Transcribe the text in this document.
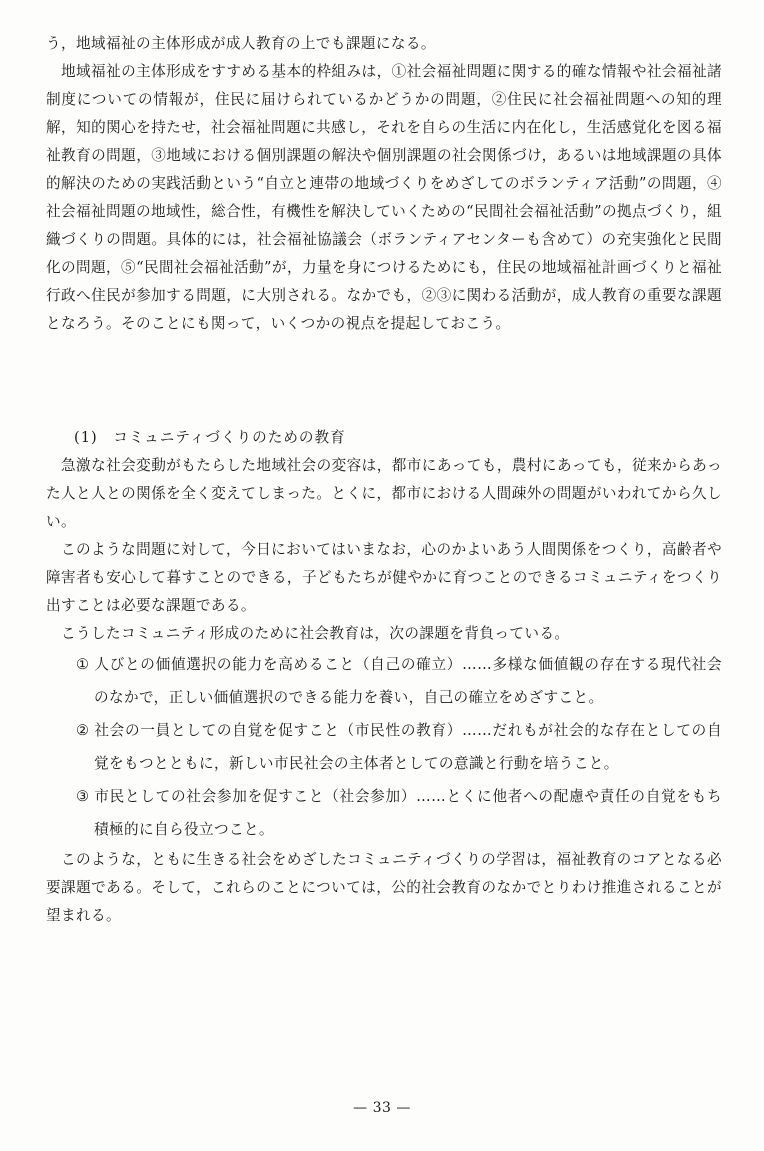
う，地域福祉の主体形成が成人教育の上でも課題になる。

地域福祉の主体形成をすすめる基本的枠組みは，①社会福祉問題に関する的確な情報や社会福祉諸制度についての情報が，住民に届けられているかどうかの問題，②住民に社会福祉問題への知的理解，知的関心を持たせ，社会福祉問題に共感し，それを自らの生活に内在化し，生活感覚化を図る福祉教育の問題，③地域における個別課題の解決や個別課題の社会関係づけ，あるいは地域課題の具体的解決のための実践活動という“自立と連帯の地域づくりをめざしてのボランティア活動”の問題，④社会福祉問題の地域性，総合性，有機性を解決していくための“民間社会福祉活動”の拠点づくり，組織づくりの問題。具体的には，社会福祉協議会（ボランティアセンターも含めて）の充実強化と民間化の問題，⑤“民間社会福祉活動”が，力量を身につけるためにも，住民の地域福祉計画づくりと福祉行政へ住民が参加する問題，に大別される。なかでも，②③に関わる活動が，成人教育の重要な課題となろう。そのことにも関って，いくつかの視点を提起しておこう。

(1)　コミュニティづくりのための教育

急激な社会変動がもたらした地域社会の変容は，都市にあっても，農村にあっても，従来からあった人と人との関係を全く変えてしまった。とくに，都市における人間疎外の問題がいわれてから久しい。

このような問題に対して，今日においてはいまなお，心のかよいあう人間関係をつくり，高齢者や障害者も安心して暮すことのできる，子どもたちが健やかに育つことのできるコミュニティをつくり出すことは必要な課題である。

こうしたコミュニティ形成のために社会教育は，次の課題を背負っている。

① 人びとの価値選択の能力を高めること（自己の確立）……多様な価値観の存在する現代社会のなかで，正しい価値選択のできる能力を養い，自己の確立をめざすこと。

② 社会の一員としての自覚を促すこと（市民性の教育）……だれもが社会的な存在としての自覚をもつとともに，新しい市民社会の主体者としての意識と行動を培うこと。

③ 市民としての社会参加を促すこと（社会参加）……とくに他者への配慮や責任の自覚をもち積極的に自ら役立つこと。

このような，ともに生きる社会をめざしたコミュニティづくりの学習は，福祉教育のコアとなる必要課題である。そして，これらのことについては，公的社会教育のなかでとりわけ推進されることが望まれる。

— 33 —
